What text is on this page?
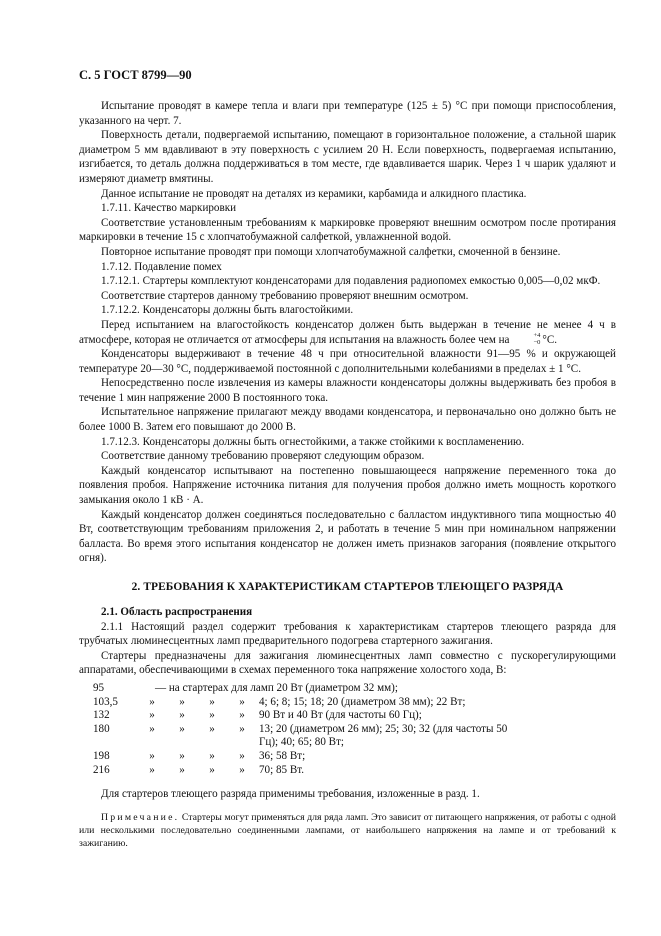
С. 5 ГОСТ 8799—90

Испытание проводят в камере тепла и влаги при температуре (125 ± 5) °С при помощи приспособления, указанного на черт. 7.

Поверхность детали, подвергаемой испытанию, помещают в горизонтальное положение, а стальной шарик диаметром 5 мм вдавливают в эту поверхность с усилием 20 Н. Если поверхность, подвергаемая испытанию, изгибается, то деталь должна поддерживаться в том месте, где вдавливается шарик. Через 1 ч шарик удаляют и измеряют диаметр вмятины.

Данное испытание не проводят на деталях из керамики, карбамида и алкидного пластика.

1.7.11. Качество маркировки

Соответствие установленным требованиям к маркировке проверяют внешним осмотром после протирания маркировки в течение 15 с хлопчатобумажной салфеткой, увлажненной водой.

Повторное испытание проводят при помощи хлопчатобумажной салфетки, смоченной в бензине.

1.7.12. Подавление помех

1.7.12.1. Стартеры комплектуют конденсаторами для подавления радиопомех емкостью 0,005—0,02 мкФ.

Соответствие стартеров данному требованию проверяют внешним осмотром.

1.7.12.2. Конденсаторы должны быть влагостойкими.

Перед испытанием на влагостойкость конденсатор должен быть выдержан в течение не менее 4 ч в атмосфере, которая не отличается от атмосферы для испытания на влажность более чем на	+4
−0 °С.

Конденсаторы выдерживают в течение 48 ч при относительной влажности 91—95 % и окружающей температуре 20—30 °С, поддерживаемой постоянной с дополнительными колебаниями в пределах ± 1 °С.

Непосредственно после извлечения из камеры влажности конденсаторы должны выдерживать без пробоя в течение 1 мин напряжение 2000 В постоянного тока.

Испытательное напряжение прилагают между вводами конденсатора, и первоначально оно должно быть не более 1000 В. Затем его повышают до 2000 В.

1.7.12.3. Конденсаторы должны быть огнестойкими, а также стойкими к воспламенению.

Соответствие данному требованию проверяют следующим образом.

Каждый конденсатор испытывают на постепенно повышающееся напряжение переменного тока до появления пробоя. Напряжение источника питания для получения пробоя должно иметь мощность короткого замыкания около 1 кВ · А.

Каждый конденсатор должен соединяться последовательно с балластом индуктивного типа мощностью 40 Вт, соответствующим требованиям приложения 2, и работать в течение 5 мин при номинальном напряжении балласта. Во время этого испытания конденсатор не должен иметь признаков загорания (появление открытого огня).

2. ТРЕБОВАНИЯ К ХАРАКТЕРИСТИКАМ СТАРТЕРОВ ТЛЕЮЩЕГО РАЗРЯДА

2.1. Область распространения

2.1.1 Настоящий раздел содержит требования к характеристикам стартеров тлеющего разряда для трубчатых люминесцентных ламп предварительного подогрева стартерного зажигания.

Стартеры предназначены для зажигания люминесцентных ламп совместно с пускорегулирующими аппаратами, обеспечивающими в схемах переменного тока напряжение холостого хода, В:

95		— на стартерах для ламп 20 Вт (диаметром 32 мм);
103,5	»	»	»	»	4; 6; 8; 15; 18; 20 (диаметром 38 мм); 22 Вт;
132	»	»	»	»	90 Вт и 40 Вт (для частоты 60 Гц);
180	»	»	»	»	13; 20 (диаметром 26 мм); 25; 30; 32 (для частоты 50 Гц); 40; 65; 80 Вт;
198	»	»	»	»	36; 58 Вт;
216	»	»	»	»	70; 85 Вт.

Для стартеров тлеющего разряда применимы требования, изложенные в разд. 1.

Примечание. Стартеры могут применяться для ряда ламп. Это зависит от питающего напряжения, от работы с одной или несколькими последовательно соединенными лампами, от наибольшего напряжения на лампе и от требований к зажиганию.
